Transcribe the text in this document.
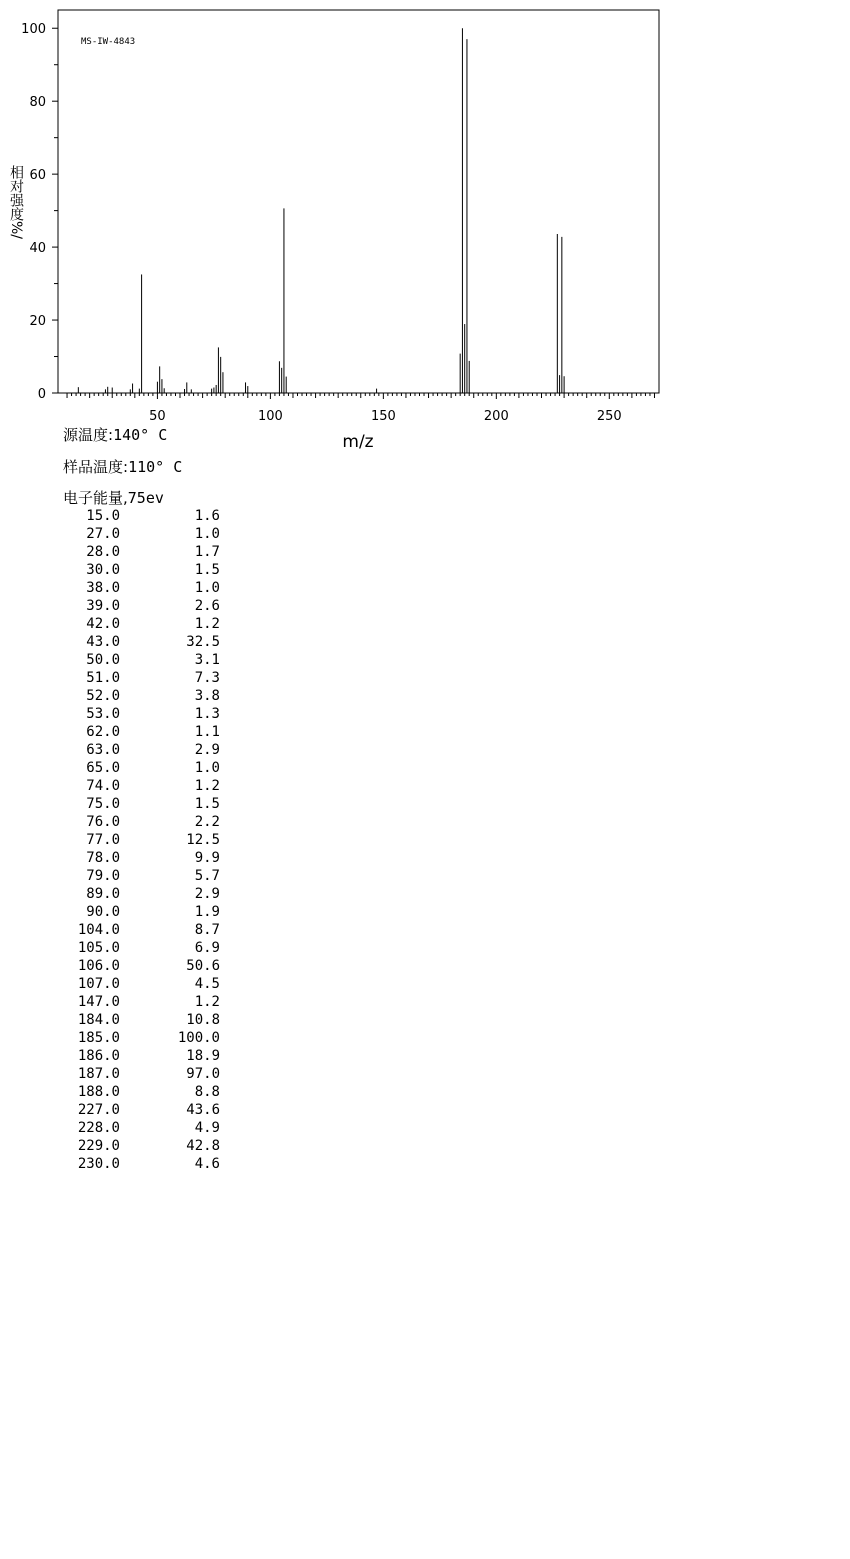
MS-IW-4843
相对强度%/
50	100	150	200	250
0
20
40
60
80
100
m/z
源温度:140° C
样品温度:110° C
电子能量,75ev
15.0	1.6
27.0	1.0
28.0	1.7
30.0	1.5
38.0	1.0
39.0	2.6
42.0	1.2
43.0	32.5
50.0	3.1
51.0	7.3
52.0	3.8
53.0	1.3
62.0	1.1
63.0	2.9
65.0	1.0
74.0	1.2
75.0	1.5
76.0	2.2
77.0	12.5
78.0	9.9
79.0	5.7
89.0	2.9
90.0	1.9
104.0	8.7
105.0	6.9
106.0	50.6
107.0	4.5
147.0	1.2
184.0	10.8
185.0	100.0
186.0	18.9
187.0	97.0
188.0	8.8
227.0	43.6
228.0	4.9
229.0	42.8
230.0	4.6
